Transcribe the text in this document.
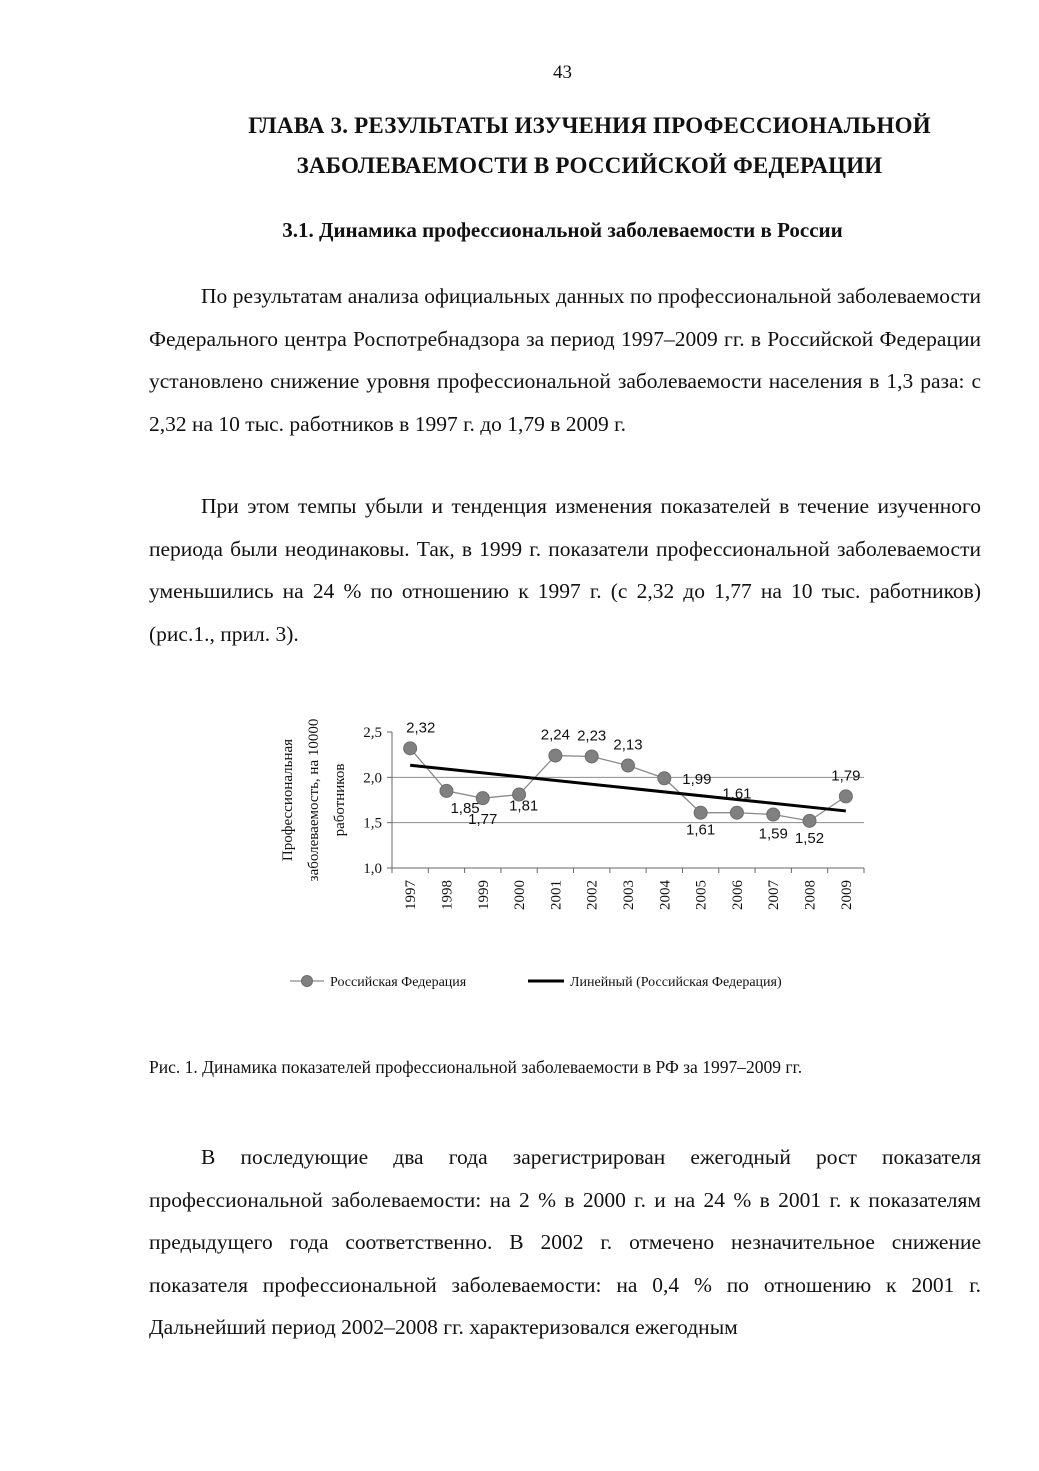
43
ГЛАВА 3. РЕЗУЛЬТАТЫ ИЗУЧЕНИЯ ПРОФЕССИОНАЛЬНОЙ
ЗАБОЛЕВАЕМОСТИ В РОССИЙСКОЙ ФЕДЕРАЦИИ
3.1. Динамика профессиональной заболеваемости в России

По результатам анализа официальных данных по профессиональной заболеваемости Федерального центра Роспотребнадзора за период 1997–2009 гг. в Российской Федерации установлено снижение уровня профессиональной заболеваемости населения в 1,3 раза: с 2,32 на 10 тыс. работников в 1997 г. до 1,79 в 2009 г.

При этом темпы убыли и тенденция изменения показателей в течение изученного периода были неодинаковы. Так, в 1999 г. показатели профессиональной заболеваемости уменьшились на 24 % по отношению к 1997 г. (с 2,32 до 1,77 на 10 тыс. работников) (рис.1., прил. 3).

Профессиональная заболеваемость, на 10000 работников
1,0
1,5
2,0
2,5
1997 1998 1999 2000 2001 2002 2003 2004 2005 2006 2007 2008 2009
2,32
1,85
1,77
1,81
2,24 2,23
2,13
1,99
1,61
1,61
1,59 1,52
1,79
Российская Федерация	Линейный (Российская Федерация)
Рис. 1. Динамика показателей профессиональной заболеваемости в РФ за 1997–2009 гг.

В последующие два года зарегистрирован ежегодный рост показателя профессиональной заболеваемости: на 2 % в 2000 г. и на 24 % в 2001 г. к показателям предыдущего года соответственно. В 2002 г. отмечено незначительное снижение показателя профессиональной заболеваемости: на 0,4 % по отношению к 2001 г. Дальнейший период 2002–2008 гг. характеризовался ежегодным
